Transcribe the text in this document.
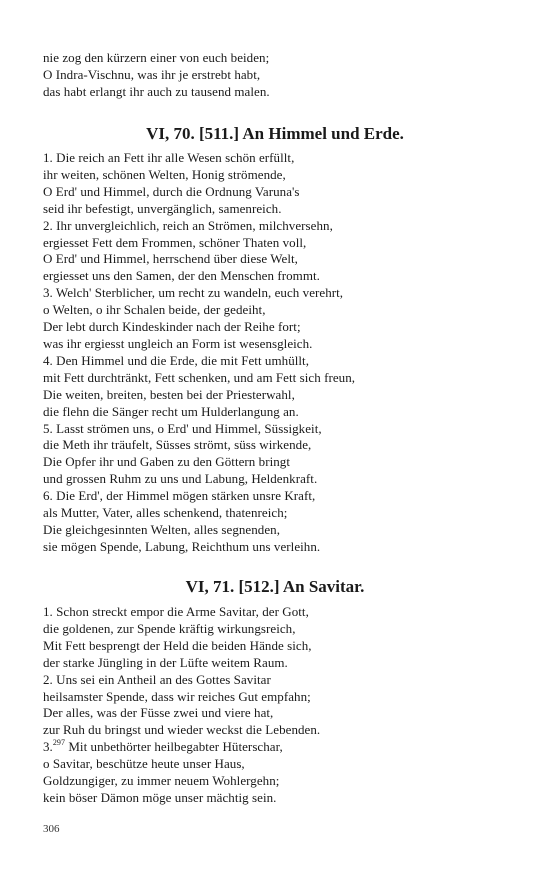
nie zog den kürzern einer von euch beiden;
O Indra-Vischnu, was ihr je erstrebt habt,
das habt erlangt ihr auch zu tausend malen.
VI, 70. [511.] An Himmel und Erde.
1. Die reich an Fett ihr alle Wesen schön erfüllt,
ihr weiten, schönen Welten, Honig strömende,
O Erd' und Himmel, durch die Ordnung Varuna's
seid ihr befestigt, unvergänglich, samenreich.
2. Ihr unvergleichlich, reich an Strömen, milchversehn,
ergiesset Fett dem Frommen, schöner Thaten voll,
O Erd' und Himmel, herrschend über diese Welt,
ergiesset uns den Samen, der den Menschen frommt.
3. Welch' Sterblicher, um recht zu wandeln, euch verehrt,
o Welten, o ihr Schalen beide, der gedeiht,
Der lebt durch Kindeskinder nach der Reihe fort;
was ihr ergiesst ungleich an Form ist wesensgleich.
4. Den Himmel und die Erde, die mit Fett umhüllt,
mit Fett durchtränkt, Fett schenken, und am Fett sich freun,
Die weiten, breiten, besten bei der Priesterwahl,
die flehn die Sänger recht um Hulderlangung an.
5. Lasst strömen uns, o Erd' und Himmel, Süssigkeit,
die Meth ihr träufelt, Süsses strömt, süss wirkende,
Die Opfer ihr und Gaben zu den Göttern bringt
und grossen Ruhm zu uns und Labung, Heldenkraft.
6. Die Erd', der Himmel mögen stärken unsre Kraft,
als Mutter, Vater, alles schenkend, thatenreich;
Die gleichgesinnten Welten, alles segnenden,
sie mögen Spende, Labung, Reichthum uns verleihn.
VI, 71. [512.] An Savitar.
1. Schon streckt empor die Arme Savitar, der Gott,
die goldenen, zur Spende kräftig wirkungsreich,
Mit Fett besprengt der Held die beiden Hände sich,
der starke Jüngling in der Lüfte weitem Raum.
2. Uns sei ein Antheil an des Gottes Savitar
heilsamster Spende, dass wir reiches Gut empfahn;
Der alles, was der Füsse zwei und viere hat,
zur Ruh du bringst und wieder weckst die Lebenden.
3.$^{297}$ Mit unbethörter heilbegabter Hüterschar,
o Savitar, beschütze heute unser Haus,
Goldzungiger, zu immer neuem Wohlergehn;
kein böser Dämon möge unser mächtig sein.
306
